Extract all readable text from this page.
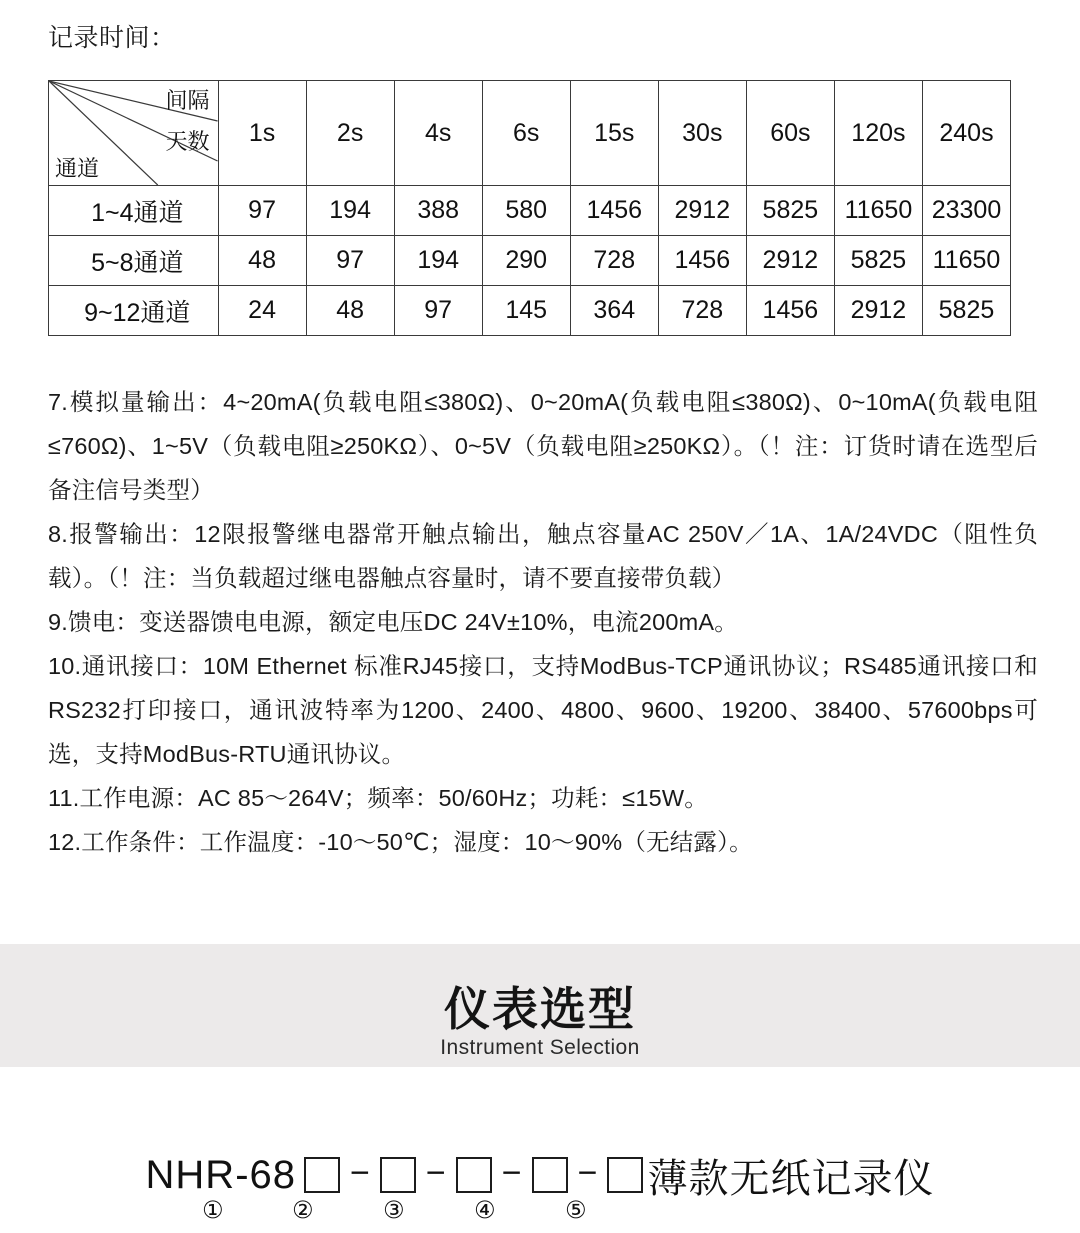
记录时间：
间隔
天数
通道	1s	2s	4s	6s	15s	30s	60s	120s	240s
1~4通道	97	194	388	580	1456	2912	5825	11650	23300
5~8通道	48	97	194	290	728	1456	2912	5825	11650
9~12通道	24	48	97	145	364	728	1456	2912	5825

7.模拟量输出：4~20mA(负载电阻≤380Ω)、0~20mA(负载电阻≤380Ω)、0~10mA(负载电阻≤760Ω)、1~5V（负载电阻≥250KΩ）、0~5V（负载电阻≥250KΩ）。（！注：订货时请在选型后备注信号类型）

8.报警输出：12限报警继电器常开触点输出，触点容量AC 250V／1A、1A/24VDC（阻性负载）。（！注：当负载超过继电器触点容量时，请不要直接带负载）

9.馈电：变送器馈电电源，额定电压DC 24V±10%，电流200mA。

10.通讯接口：10M Ethernet 标准RJ45接口，支持ModBus-TCP通讯协议；RS485通讯接口和RS232打印接口，通讯波特率为1200、2400、4800、9600、19200、38400、57600bps可选，支持ModBus-RTU通讯协议。

11.工作电源：AC 85～264V；频率：50/60Hz；功耗：≤15W。

12.工作条件：工作温度：-10～50℃；湿度：10～90%（无结露）。

仪表选型
Instrument Selection
NHR-68 − − − − 薄款无纸记录仪
①	②	③	④	⑤
